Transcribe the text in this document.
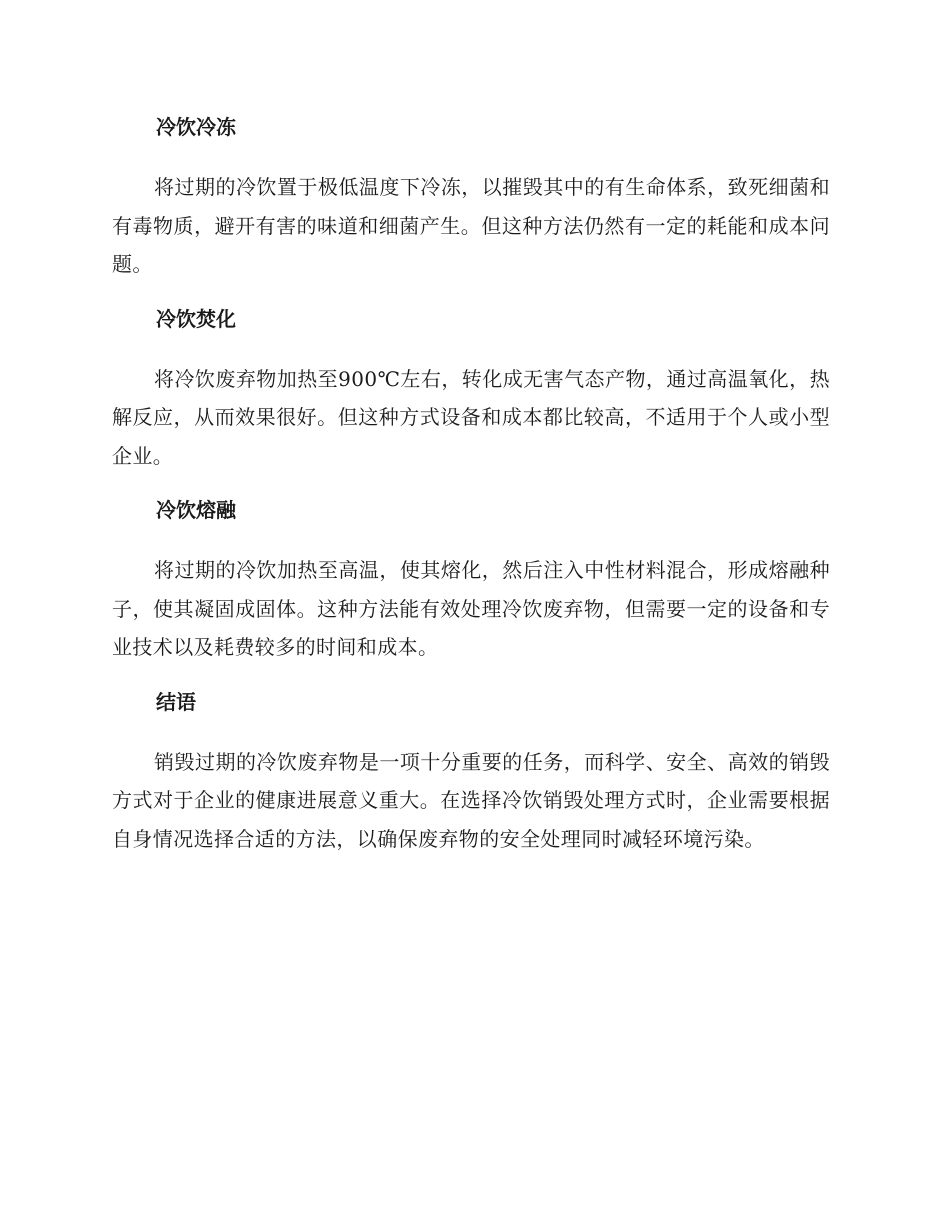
冷饮冷冻

将过期的冷饮置于极低温度下冷冻，以摧毁其中的有生命体系，致死细菌和有毒物质，避开有害的味道和细菌产生。但这种方法仍然有一定的耗能和成本问题。

冷饮焚化

将冷饮废弃物加热至900℃左右，转化成无害气态产物，通过高温氧化，热解反应，从而效果很好。但这种方式设备和成本都比较高，不适用于个人或小型企业。

冷饮熔融

将过期的冷饮加热至高温，使其熔化，然后注入中性材料混合，形成熔融种子，使其凝固成固体。这种方法能有效处理冷饮废弃物，但需要一定的设备和专业技术以及耗费较多的时间和成本。

结语

销毁过期的冷饮废弃物是一项十分重要的任务，而科学、安全、高效的销毁方式对于企业的健康进展意义重大。在选择冷饮销毁处理方式时，企业需要根据自身情况选择合适的方法，以确保废弃物的安全处理同时减轻环境污染。
